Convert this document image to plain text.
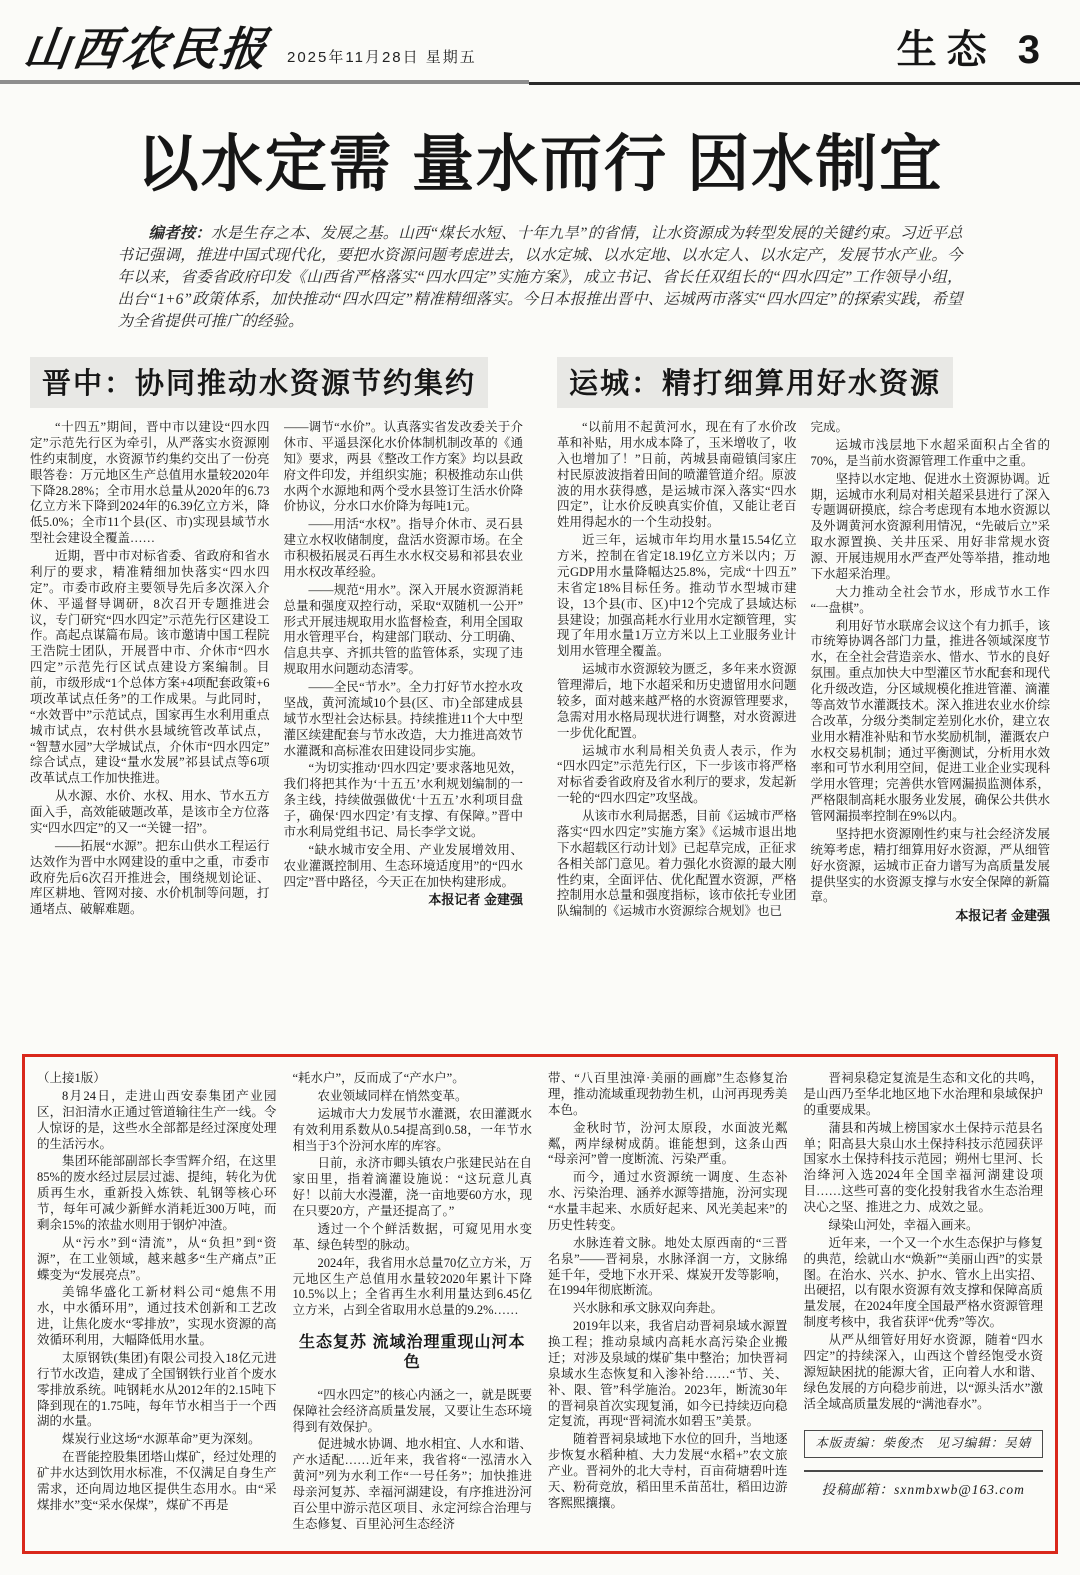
山西农民报 2025年11月28日 星期五	生态 3
以水定需 量水而行 因水制宜

编者按：水是生存之本、发展之基。山西“煤长水短、十年九旱”的省情，让水资源成为转型发展的关键约束。习近平总书记强调，推进中国式现代化，要把水资源问题考虑进去，以水定城、以水定地、以水定人、以水定产，发展节水产业。今年以来，省委省政府印发《山西省严格落实“四水四定”实施方案》，成立书记、省长任双组长的“四水四定”工作领导小组，出台“1+6”政策体系，加快推动“四水四定”精准精细落实。今日本报推出晋中、运城两市落实“四水四定”的探索实践，希望为全省提供可推广的经验。

晋中：协同推动水资源节约集约

“十四五”期间，晋中市以建设“四水四定”示范先行区为牵引，从严落实水资源刚性约束制度，水资源节约集约交出了一份亮眼答卷：万元地区生产总值用水量较2020年下降28.28%；全市用水总量从2020年的6.73亿立方米下降到2024年的6.39亿立方米，降低5.0%；全市11个县(区、市)实现县域节水型社会建设全覆盖……

近期，晋中市对标省委、省政府和省水利厅的要求，精准精细加快落实“四水四定”。市委市政府主要领导先后多次深入介休、平遥督导调研，8次召开专题推进会议，专门研究“四水四定”示范先行区建设工作。高起点谋篇布局。该市邀请中国工程院王浩院士团队，开展晋中市、介休市“四水四定”示范先行区试点建设方案编制。目前，市级形成“1个总体方案+4项配套政策+6项改革试点任务”的工作成果。与此同时，“水效晋中”示范试点，国家再生水利用重点城市试点，农村供水县域统管改革试点，“智慧水园”大学城试点，介休市“四水四定”综合试点，建设“量水发展”祁县试点等6项改革试点工作加快推进。

从水源、水价、水权、用水、节水五方面入手，高效能破题改革，是该市全方位落实“四水四定”的又一“关键一招”。

——拓展“水源”。把东山供水工程运行达效作为晋中水网建设的重中之重，市委市政府先后6次召开推进会，围绕规划论证、库区耕地、管网对接、水价机制等问题，打通堵点、破解难题。

——调节“水价”。认真落实省发改委关于介休市、平遥县深化水价体制机制改革的《通知》要求，两县《整改工作方案》均以县政府文件印发，并组织实施；积极推动东山供水两个水源地和两个受水县签订生活水价降价协议，分水口水价降为每吨1元。

——用活“水权”。指导介休市、灵石县建立水权收储制度，盘活水资源市场。在全市积极拓展灵石再生水水权交易和祁县农业用水权改革经验。

——规范“用水”。深入开展水资源消耗总量和强度双控行动，采取“双随机一公开”形式开展违规取用水监督检查，利用全国取用水管理平台，构建部门联动、分工明确、信息共享、齐抓共管的监管体系，实现了违规取用水问题动态清零。

——全民“节水”。全力打好节水控水攻坚战，黄河流域10个县(区、市)全部建成县域节水型社会达标县。持续推进11个大中型灌区续建配套与节水改造，大力推进高效节水灌溉和高标准农田建设同步实施。

“为切实推动‘四水四定’要求落地见效，我们将把其作为‘十五五’水利规划编制的一条主线，持续做强做优‘十五五’水利项目盘子，确保‘四水四定’有支撑、有保障。”晋中市水利局党组书记、局长李学文说。

“缺水城市安全用、产业发展增效用、农业灌溉控制用、生态环境适度用”的“四水四定”晋中路径，今天正在加快构建形成。

本报记者 金建强

运城：精打细算用好水资源

“以前用不起黄河水，现在有了水价改革和补贴，用水成本降了，玉米增收了，收入也增加了！”日前，芮城县南磑镇闫家庄村民原波波指着田间的喷灌管道介绍。原波波的用水获得感，是运城市深入落实“四水四定”，让水价反映真实价值，又能让老百姓用得起水的一个生动投射。

近三年，运城市年均用水量15.54亿立方米，控制在省定18.19亿立方米以内；万元GDP用水量降幅达25.8%，完成“十四五”末省定18%目标任务。推动节水型城市建设，13个县(市、区)中12个完成了县域达标县建设；加强高耗水行业用水定额管理，实现了年用水量1万立方米以上工业服务业计划用水管理全覆盖。

运城市水资源较为匮乏，多年来水资源管理滞后，地下水超采和历史遗留用水问题较多，面对越来越严格的水资源管理要求，急需对用水格局现状进行调整，对水资源进一步优化配置。

运城市水利局相关负责人表示，作为“四水四定”示范先行区，下一步该市将严格对标省委省政府及省水利厅的要求，发起新一轮的“四水四定”攻坚战。

从该市水利局据悉，目前《运城市严格落实“四水四定”实施方案》《运城市退出地下水超载区行动计划》已起草完成，正征求各相关部门意见。着力强化水资源的最大刚性约束，全面评估、优化配置水资源，严格控制用水总量和强度指标，该市依托专业团队编制的《运城市水资源综合规划》也已

完成。

运城市浅层地下水超采面积占全省的70%，是当前水资源管理工作重中之重。

坚持以水定地、促进水土资源协调。近期，运城市水利局对相关超采县进行了深入专题调研摸底，综合考虑现有本地水资源以及外调黄河水资源利用情况，“先破后立”采取水源置换、关井压采、用好非常规水资源、开展违规用水严查严处等举措，推动地下水超采治理。

大力推动全社会节水，形成节水工作“一盘棋”。

利用好节水联席会议这个有力抓手，该市统筹协调各部门力量，推进各领域深度节水，在全社会营造亲水、惜水、节水的良好氛围。重点加快大中型灌区节水配套和现代化升级改造，分区域规模化推进管灌、滴灌等高效节水灌溉技术。深入推进农业水价综合改革，分级分类制定差别化水价，建立农业用水精准补贴和节水奖励机制，灌溉农户水权交易机制；通过平衡测试，分析用水效率和可节水利用空间，促进工业企业实现科学用水管理；完善供水管网漏损监测体系，严格限制高耗水服务业发展，确保公共供水管网漏损率控制在9%以内。

坚持把水资源刚性约束与社会经济发展统筹考虑，精打细算用好水资源，严从细管好水资源，运城市正奋力谱写为高质量发展提供坚实的水资源支撑与水安全保障的新篇章。

本报记者 金建强

（上接1版）

8月24日，走进山西安泰集团产业园区，汩汩清水正通过管道输往生产一线。令人惊讶的是，这些水全部都是经过深度处理的生活污水。

集团环能部副部长李雪辉介绍，在这里85%的废水经过层层过滤、提纯，转化为优质再生水，重新投入炼铁、轧钢等核心环节，每年可减少新鲜水消耗近300万吨，而剩余15%的浓盐水则用于钢炉冲渣。

从“污水”到“清流”，从“负担”到“资源”，在工业领域，越来越多“生产痛点”正蝶变为“发展亮点”。

美锦华盛化工新材料公司“熄焦不用水，中水循环用”，通过技术创新和工艺改进，让焦化废水“零排放”，实现水资源的高效循环利用，大幅降低用水量。

太原钢铁(集团)有限公司投入18亿元进行节水改造，建成了全国钢铁行业首个废水零排放系统。吨钢耗水从2012年的2.15吨下降到现在的1.75吨，每年节水相当于一个西湖的水量。

煤炭行业这场“水源革命”更为深刻。

在晋能控股集团塔山煤矿，经过处理的矿井水达到饮用水标准，不仅满足自身生产需求，还向周边地区提供生态用水。由“采煤排水”变“采水保煤”，煤矿不再是

“耗水户”，反而成了“产水户”。

农业领域同样在悄然变革。

运城市大力发展节水灌溉，农田灌溉水有效利用系数从0.54提高到0.58，一年节水相当于3个汾河水库的库容。

日前，永济市卿头镇农户张建民站在自家田里，指着滴灌设施说：“这玩意儿真好！以前大水漫灌，浇一亩地要60方水，现在只要20方，产量还提高了。”

透过一个个鲜活数据，可窥见用水变革、绿色转型的脉动。

2024年，我省用水总量70亿立方米，万元地区生产总值用水量较2020年累计下降10.5%以上；全省再生水利用量达到6.45亿立方米，占到全省取用水总量的9.2%……

生态复苏 流域治理重现山河本色

“四水四定”的核心内涵之一，就是既要保障社会经济高质量发展，又要让生态环境得到有效保护。

促进城水协调、地水相宜、人水和谐、产水适配……近年来，我省将“一泓清水入黄河”列为水利工作“一号任务”；加快推进母亲河复苏、幸福河湖建设，有序推进汾河百公里中游示范区项目、永定河综合治理与生态修复、百里沁河生态经济

带、“八百里浊漳·美丽的画廊”生态修复治理，推动流域重现勃勃生机，山河再现秀美本色。

金秋时节，汾河太原段，水面波光粼粼，两岸绿树成荫。谁能想到，这条山西“母亲河”曾一度断流、污染严重。

而今，通过水资源统一调度、生态补水、污染治理、涵养水源等措施，汾河实现“水量丰起来、水质好起来、风光美起来”的历史性转变。

水脉连着文脉。地处太原西南的“三晋名泉”——晋祠泉，水脉泽润一方，文脉绵延千年，受地下水开采、煤炭开发等影响，在1994年彻底断流。

兴水脉和承文脉双向奔赴。

2019年以来，我省启动晋祠泉域水源置换工程；推动泉域内高耗水高污染企业搬迁；对涉及泉域的煤矿集中整治；加快晋祠泉域水生态恢复和入渗补给……“节、关、补、限、管”科学施治。2023年，断流30年的晋祠泉首次实现复涌，如今已持续迈向稳定复流，再现“晋祠流水如碧玉”美景。

随着晋祠泉域地下水位的回升，当地逐步恢复水稻种植、大力发展“水稻+”农文旅产业。晋祠外的北大寺村，百亩荷塘碧叶连天、粉荷竞放，稻田里禾苗茁壮，稻田边游客熙熙攘攘。

晋祠泉稳定复流是生态和文化的共鸣，是山西乃至华北地区地下水治理和泉域保护的重要成果。

蒲县和芮城上榜国家水土保持示范县名单；阳高县大泉山水土保持科技示范园获评国家水土保持科技示范园；朔州七里河、长治绛河入选2024年全国幸福河湖建设项目……这些可喜的变化投射我省水生态治理决心之坚、推进之力、成效之显。

绿染山河处，幸福入画来。

近年来，一个又一个水生态保护与修复的典范，绘就山水“焕新”“美丽山西”的实景图。在治水、兴水、护水、管水上出实招、出硬招，以有限水资源有效支撑和保障高质量发展，在2024年度全国最严格水资源管理制度考核中，我省获评“优秀”等次。

从严从细管好用好水资源，随着“四水四定”的持续深入，山西这个曾经饱受水资源短缺困扰的能源大省，正向着人水和谐、绿色发展的方向稳步前进，以“源头活水”激活全域高质量发展的“满池春水”。

本版责编：柴俊杰　见习编辑：吴婧
投稿邮箱：sxnmbxwb@163.com
